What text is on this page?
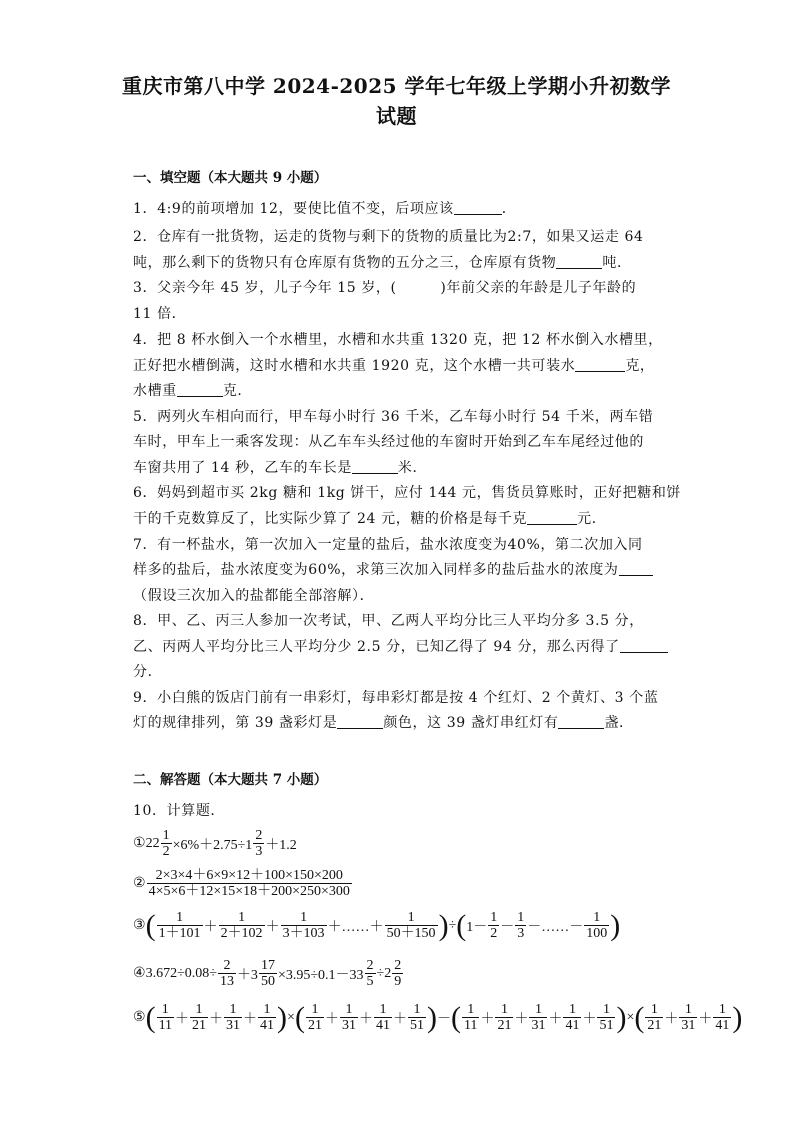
重庆市第八中学 2024-2025 学年七年级上学期小升初数学
试题
一、填空题（本大题共 9 小题）
1．4:9的前项增加 12，要使比值不变，后项应该	．
2．仓库有一批货物，运走的货物与剩下的货物的质量比为2:7，如果又运走 64
吨，那么剩下的货物只有仓库原有货物的五分之三，仓库原有货物	吨．
3．父亲今年 45 岁，儿子今年 15 岁，(　　　)年前父亲的年龄是儿子年龄的
11 倍．
4．把 8 杯水倒入一个水槽里，水槽和水共重 1320 克，把 12 杯水倒入水槽里，
正好把水槽倒满，这时水槽和水共重 1920 克，这个水槽一共可装水	克，
水槽重	克．
5．两列火车相向而行，甲车每小时行 36 千米，乙车每小时行 54 千米，两车错
车时，甲车上一乘客发现：从乙车车头经过他的车窗时开始到乙车车尾经过他的
车窗共用了 14 秒，乙车的车长是	米．
6．妈妈到超市买 2kg 糖和 1kg 饼干，应付 144 元，售货员算账时，正好把糖和饼
干的千克数算反了，比实际少算了 24 元，糖的价格是每千克	元．
7．有一杯盐水，第一次加入一定量的盐后，盐水浓度变为40%，第二次加入同
样多的盐后，盐水浓度变为60%，求第三次加入同样多的盐后盐水的浓度为
（假设三次加入的盐都能全部溶解）．
8．甲、乙、丙三人参加一次考试，甲、乙两人平均分比三人平均分多 3.5 分，
乙、丙两人平均分比三人平均分少 2.5 分，已知乙得了 94 分，那么丙得了
分．
9．小白熊的饭店门前有一串彩灯，每串彩灯都是按 4 个红灯、2 个黄灯、3 个蓝
灯的规律排列，第 39 盏彩灯是	颜色，这 39 盏灯串红灯有	盏．
二、解答题（本大题共 7 小题）
10．计算题．
① $22 \frac{1}{2} \times 6\%+2.75\div 1 \frac{2}{3} +1.2$
② $\frac{2\times 3\times 4+6\times 9\times 12+100\times 150\times 200}{4\times 5\times 6+12\times 15\times 18+200\times 250\times 300}$
③ ( $\frac{1}{1+101} + \frac{1}{2+102} + \frac{1}{3+103}$ ＋……＋ $\frac{1}{50+150}$ ) ÷ ( $1- \frac{1}{2} - \frac{1}{3}$ －……－ $\frac{1}{100}$ )
④ $3.672\div 0.08\div \frac{2}{13} +3 \frac{17}{50} \times 3.95\div 0.1-33 \frac{2}{5} \div 2 \frac{2}{9}$
⑤ ( $\frac{1}{11} + \frac{1}{21} + \frac{1}{31} + \frac{1}{41}$ ) × ( $\frac{1}{21} + \frac{1}{31} + \frac{1}{41} + \frac{1}{51}$ ) － ( $\frac{1}{11} + \frac{1}{21} + \frac{1}{31} + \frac{1}{41} + \frac{1}{51}$ ) × ( $\frac{1}{21} + \frac{1}{31} + \frac{1}{41}$ )
